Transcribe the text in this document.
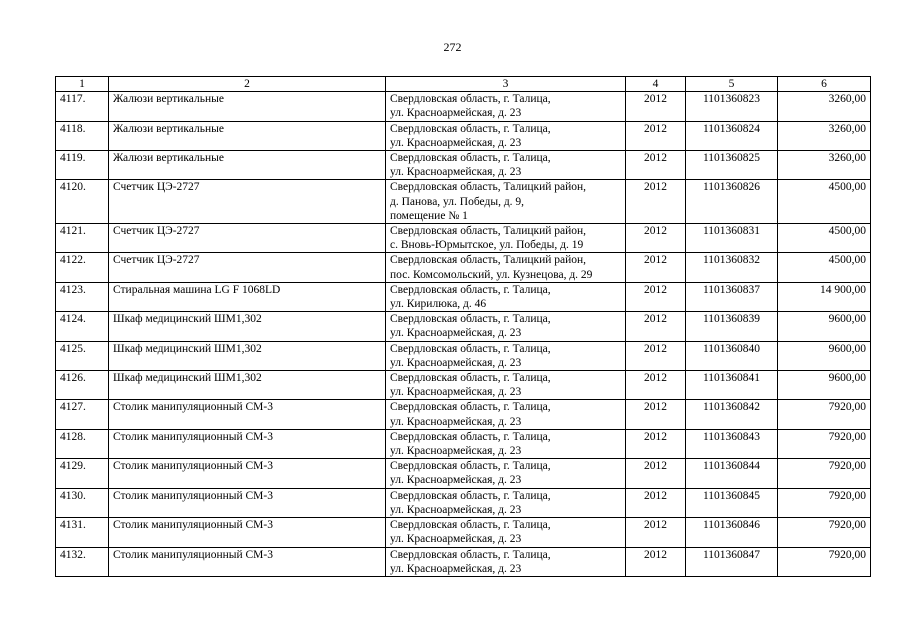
272
1	2	3	4	5	6
4117.	Жалюзи вертикальные	Свердловская область, г. Талица,
ул. Красноармейская, д. 23	2012	1101360823	3260,00
4118.	Жалюзи вертикальные	Свердловская область, г. Талица,
ул. Красноармейская, д. 23	2012	1101360824	3260,00
4119.	Жалюзи вертикальные	Свердловская область, г. Талица,
ул. Красноармейская, д. 23	2012	1101360825	3260,00
4120.	Счетчик ЦЭ-2727	Свердловская область, Талицкий район,
д. Панова, ул. Победы, д. 9,
помещение № 1	2012	1101360826	4500,00
4121.	Счетчик ЦЭ-2727	Свердловская область, Талицкий район,
с. Вновь-Юрмытское, ул. Победы, д. 19	2012	1101360831	4500,00
4122.	Счетчик ЦЭ-2727	Свердловская область, Талицкий район,
пос. Комсомольский, ул. Кузнецова, д. 29	2012	1101360832	4500,00
4123.	Стиральная машина LG F 1068LD	Свердловская область, г. Талица,
ул. Кирилюка, д. 46	2012	1101360837	14 900,00
4124.	Шкаф медицинский ШМ1,302	Свердловская область, г. Талица,
ул. Красноармейская, д. 23	2012	1101360839	9600,00
4125.	Шкаф медицинский ШМ1,302	Свердловская область, г. Талица,
ул. Красноармейская, д. 23	2012	1101360840	9600,00
4126.	Шкаф медицинский ШМ1,302	Свердловская область, г. Талица,
ул. Красноармейская, д. 23	2012	1101360841	9600,00
4127.	Столик манипуляционный СМ-3	Свердловская область, г. Талица,
ул. Красноармейская, д. 23	2012	1101360842	7920,00
4128.	Столик манипуляционный СМ-3	Свердловская область, г. Талица,
ул. Красноармейская, д. 23	2012	1101360843	7920,00
4129.	Столик манипуляционный СМ-3	Свердловская область, г. Талица,
ул. Красноармейская, д. 23	2012	1101360844	7920,00
4130.	Столик манипуляционный СМ-3	Свердловская область, г. Талица,
ул. Красноармейская, д. 23	2012	1101360845	7920,00
4131.	Столик манипуляционный СМ-3	Свердловская область, г. Талица,
ул. Красноармейская, д. 23	2012	1101360846	7920,00
4132.	Столик манипуляционный СМ-3	Свердловская область, г. Талица,
ул. Красноармейская, д. 23	2012	1101360847	7920,00
